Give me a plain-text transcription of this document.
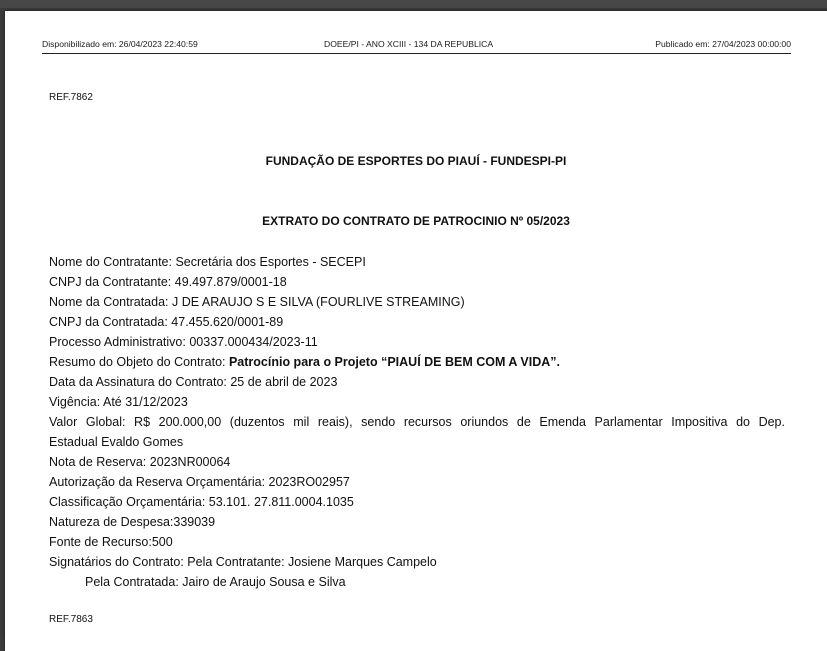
Disponibilizado em: 26/04/2023 22:40:59	DOEE/PI - ANO XCIII - 134 DA REPUBLICA	Publicado em: 27/04/2023 00:00:00
REF.7862
FUNDAÇÃO DE ESPORTES DO PIAUÍ - FUNDESPI-PI
EXTRATO DO CONTRATO DE PATROCINIO Nº 05/2023
Nome do Contratante: Secretária dos Esportes - SECEPI
CNPJ da Contratante: 49.497.879/0001-18
Nome da Contratada: J DE ARAUJO S E SILVA (FOURLIVE STREAMING)
CNPJ da Contratada: 47.455.620/0001-89
Processo Administrativo: 00337.000434/2023-11
Resumo do Objeto do Contrato: Patrocínio para o Projeto “PIAUÍ DE BEM COM A VIDA”.
Data da Assinatura do Contrato: 25 de abril de 2023
Vigência: Até 31/12/2023
Valor Global: R$ 200.000,00 (duzentos mil reais), sendo recursos oriundos de Emenda Parlamentar Impositiva do Dep.
Estadual Evaldo Gomes
Nota de Reserva: 2023NR00064
Autorização da Reserva Orçamentária: 2023RO02957
Classificação Orçamentária: 53.101. 27.811.0004.1035
Natureza de Despesa:339039
Fonte de Recurso:500
Signatários do Contrato: Pela Contratante: Josiene Marques Campelo
Pela Contratada: Jairo de Araujo Sousa e Silva
REF.7863
